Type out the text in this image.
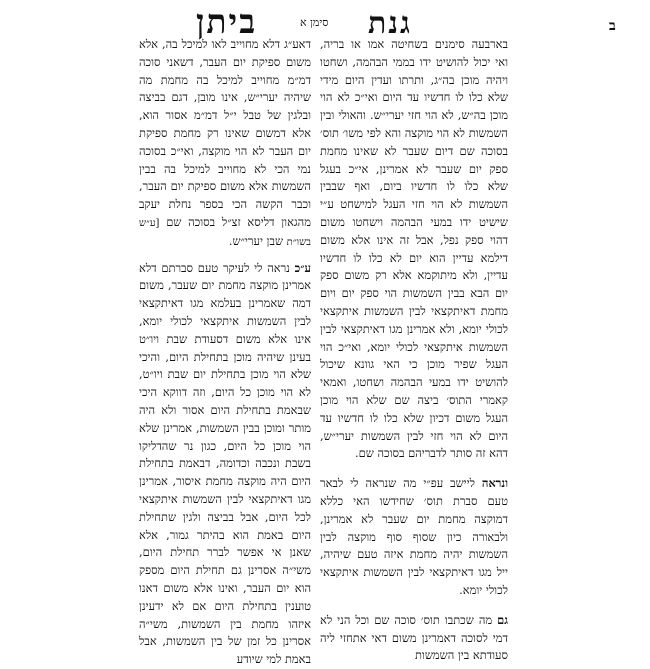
ביתן	סימן א גנת	ב

בארבעה סימנים בשחיטה אמו או בריה, ואי יכול להושיט ידו בממי הבהמה, ושחטו ויהיה מוכן בה״ג, ותרתו ועדין היום מידי שלא כלו לו חדשיו עד היום ואי״כ לא הוי מוכן בה״ש, לא הוי חזי יערי״ש. והאולי ובין השמשות לא הוי מוקצה והא לפי משו׳ תוס׳ בסוכה שם דיום שעבר לא שאינו מחמת ספק יום שעבר לא אמרינן, אי״כ בעגל שלא כלו לו חדשיו ביום, ואף שבבין השמשות לא הוי חזי העגל למישחט ע״י שישיט ידו במעי הבהמה וישחטו משום דהוי ספק נפל, אבל זה אינו אלא משום דילמא עדיין הוא יום לא כלו לו חדשיו עדיין, ולא מיתוקמא אלא רק משום ספק יום הבא בבין השמשות הוי ספק יום ויום מחמת דאיתקצאי לבין השמשות איתקצאי לכולי יומא, ולא אמרינן מגו דאיתקצאי לבין השמשות איתקצאי לכולי יומא, ואי״כ הוי העגל שפיר מוכן כי האי גוונא שיכול להושיט ידו במעי הבהמה ושחטו, ואמאי קאמרי התוס׳ ביצה שם שלא הוי מוכן העגל משום דכיון שלא כלו לו חדשיו עד היום לא הוי חזי לבין השמשות יערי״ש, דהא זה סותר לדבריהם בסוכה שם.

ונראה ליישב עפ״י מה שנראה לי לבאר טעם סברת תוס׳ שחידשו האי כללא דמוקצה מחמת יום שעבר לא אמרינן, ולבאורה כיון שסוף סוף מוקצה לבין השמשות יהיה מחמת איזה טעם שיהיה, ייל מגו דאיתקצאי לבין השמשות איתקצאי לכולי יומא.

גם מה שכתבו תוס׳ סוכה שם וכל הני לא דמי לסוכה דאמרינן משום דאי אתחזי ליה סעודתא בין השמשות

דאע״ג דלא מחוייב לאו למיכל בה, אלא משום ספיקת יום העבר, דשאני סוכה דמ״מ מחוייב למיכל בה מחמת מה שיהיה יערי״ש, אינו מובן, דגם בביצה ובלגין של טבל י״ל דמ״מ אסור הוא, אלא דמשום שאינו רק מחמת ספיקת יום העבר לא הוי מוקצה, ואי״כ בסוכה נמי הכי לא מחוייב למיכל בה בבין השמשות אלא משום ספיקת יום העבר, וכבר הקשה הכי בספר נחלת יעקב מהגאון דליסא זצ״ל בסוכה שם [ע״ש בשו״ת שבן יערי״ש.

ע״כ נראה לי לעיקר טעם סברתם דלא אמרינן מוקצה מחמת יום שעבר, משום דמה שאמרינן בעלמא מגו דאיתקצאי לבין השמשות איתקצאי לכולי יומא, אינו אלא משום דסעודת שבת ויו״ט בעינן שיהיה מוכן בתחילת היום, והיכי שלא הוי מוכן בתחילת יום שבת ויו״ט, לא הוי מוכן כל היום, וזה דווקא היכי שבאמת בתחילת היום אסור ולא היה מותר ומוכן בבין השמשות, אמרינן שלא הוי מוכן כל היום, כגון נר שהדליקו בשבת ונכבה וכדומה, דבאמת בתחילת היום היה מוקצה מחמת איסור, אמרינן מגו דאיתקצאי לבין השמשות איתקצאי לכל היום, אבל בביצה ולגין שתחילת היום באמת הוא בהיתר גמור, אלא שאנן אי אפשר לברר תחילת היום, משי״ה אסרינן גם תחילת היום מספק הוא יום העבר, ואינו אלא משום דאנו טוענין בתחילת היום אם לא ידעינן איזהו מחמת בין השמשות, משי״ה אסרינן כל זמן של בין השמשות, אבל באמת למי שיודע
